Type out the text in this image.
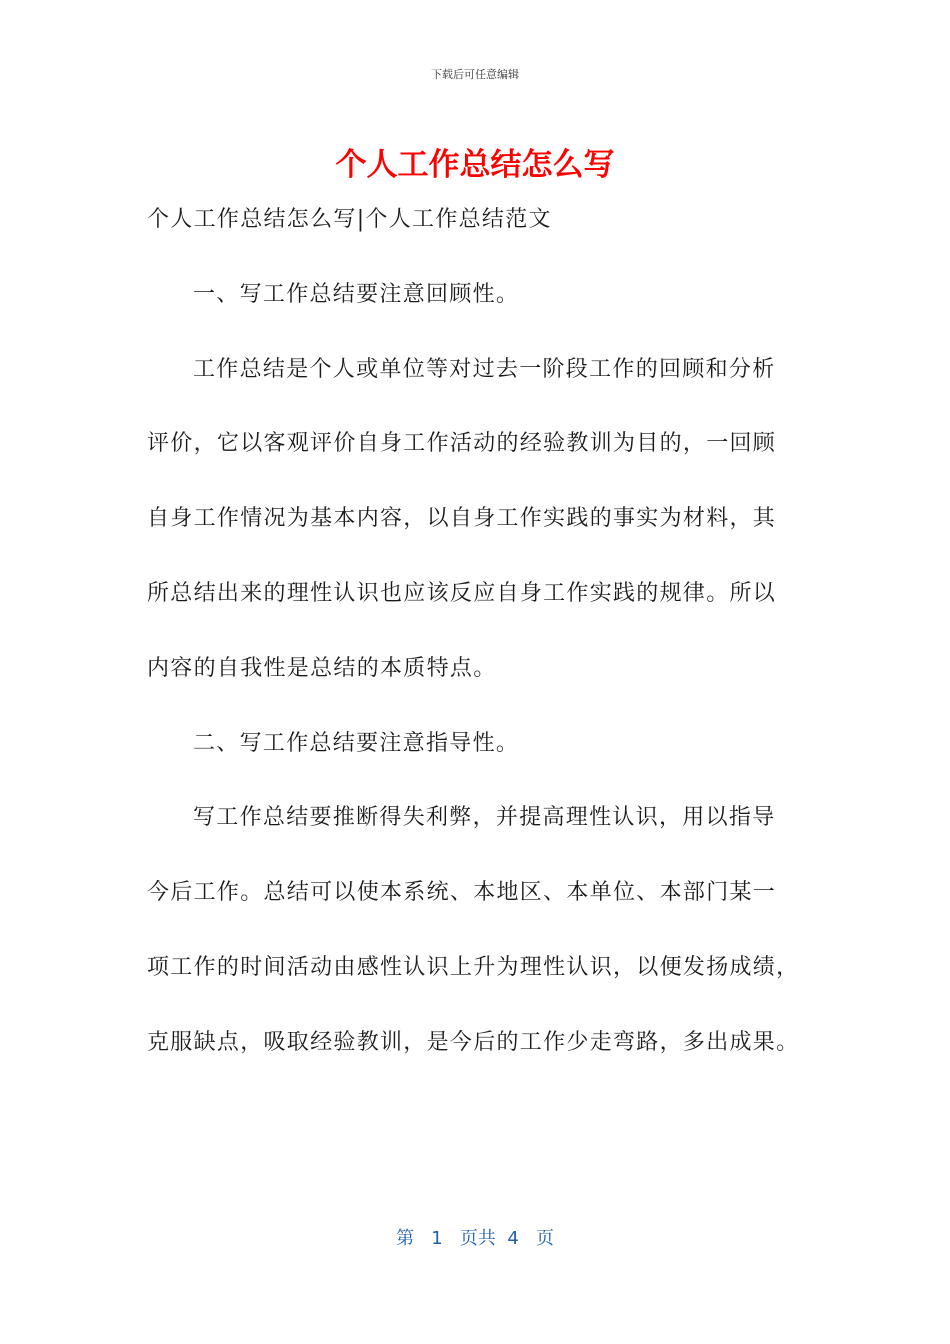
下载后可任意编辑
个人工作总结怎么写
个人工作总结怎么写|个人工作总结范文
一、写工作总结要注意回顾性。
工作总结是个人或单位等对过去一阶段工作的回顾和分析
评价，它以客观评价自身工作活动的经验教训为目的，一回顾
自身工作情况为基本内容，以自身工作实践的事实为材料，其
所总结出来的理性认识也应该反应自身工作实践的规律。所以
内容的自我性是总结的本质特点。
二、写工作总结要注意指导性。
写工作总结要推断得失利弊，并提高理性认识，用以指导
今后工作。总结可以使本系统、本地区、本单位、本部门某一
项工作的时间活动由感性认识上升为理性认识，以便发扬成绩，
克服缺点，吸取经验教训，是今后的工作少走弯路，多出成果。
第 1 页共 4 页
